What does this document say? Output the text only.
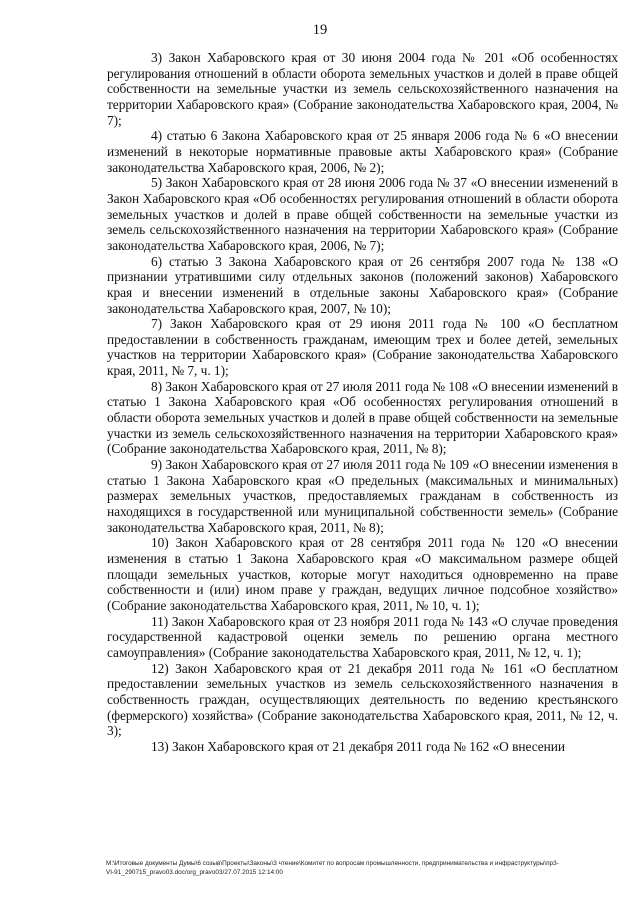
19

3) Закон Хабаровского края от 30 июня 2004 года № 201 «Об особенностях регулирования отношений в области оборота земельных участков и долей в праве общей собственности на земельные участки из земель сельскохозяйственного назначения на территории Хабаровского края» (Собрание законодательства Хабаровского края, 2004, № 7);

4) статью 6 Закона Хабаровского края от 25 января 2006 года № 6 «О внесении изменений в некоторые нормативные правовые акты Хабаровского края» (Собрание законодательства Хабаровского края, 2006, № 2);

5) Закон Хабаровского края от 28 июня 2006 года № 37 «О внесении изменений в Закон Хабаровского края «Об особенностях регулирования отношений в области оборота земельных участков и долей в праве общей собственности на земельные участки из земель сельскохозяйственного назначения на территории Хабаровского края» (Собрание законодательства Хабаровского края, 2006, № 7);

6) статью 3 Закона Хабаровского края от 26 сентября 2007 года № 138 «О признании утратившими силу отдельных законов (положений законов) Хабаровского края и внесении изменений в отдельные законы Хабаровского края» (Собрание законодательства Хабаровского края, 2007, № 10);

7) Закон Хабаровского края от 29 июня 2011 года № 100 «О бесплатном предоставлении в собственность гражданам, имеющим трех и более детей, земельных участков на территории Хабаровского края» (Собрание законодательства Хабаровского края, 2011, № 7, ч. 1);

8) Закон Хабаровского края от 27 июля 2011 года № 108 «О внесении изменений в статью 1 Закона Хабаровского края «Об особенностях регулирования отношений в области оборота земельных участков и долей в праве общей собственности на земельные участки из земель сельскохозяйственного назначения на территории Хабаровского края» (Собрание законодательства Хабаровского края, 2011, № 8);

9) Закон Хабаровского края от 27 июля 2011 года № 109 «О внесении изменения в статью 1 Закона Хабаровского края «О предельных (максимальных и минимальных) размерах земельных участков, предоставляемых гражданам в собственность из находящихся в государственной или муниципальной собственности земель» (Собрание законодательства Хабаровского края, 2011, № 8);

10) Закон Хабаровского края от 28 сентября 2011 года № 120 «О внесении изменения в статью 1 Закона Хабаровского края «О максимальном размере общей площади земельных участков, которые могут находиться одновременно на праве собственности и (или) ином праве у граждан, ведущих личное подсобное хозяйство» (Собрание законодательства Хабаровского края, 2011, № 10, ч. 1);

11) Закон Хабаровского края от 23 ноября 2011 года № 143 «О случае проведения государственной кадастровой оценки земель по решению органа местного самоуправления» (Собрание законодательства Хабаровского края, 2011, № 12, ч. 1);

12) Закон Хабаровского края от 21 декабря 2011 года № 161 «О бесплатном предоставлении земельных участков из земель сельскохозяйственного назначения в собственность граждан, осуществляющих деятельность по ведению крестьянского (фермерского) хозяйства» (Собрание законодательства Хабаровского края, 2011, № 12, ч. 3);

13) Закон Хабаровского края от 21 декабря 2011 года № 162 «О внесении

M:\Итоговые документы Думы\6 созыв\Проекты\Законы\3 чтение\Комитет по вопросам промышленности, предпринимательства и инфраструктуры\пр3-
VI-91_290715_pravo03.doc/org_pravo03/27.07.2015 12:14:00
